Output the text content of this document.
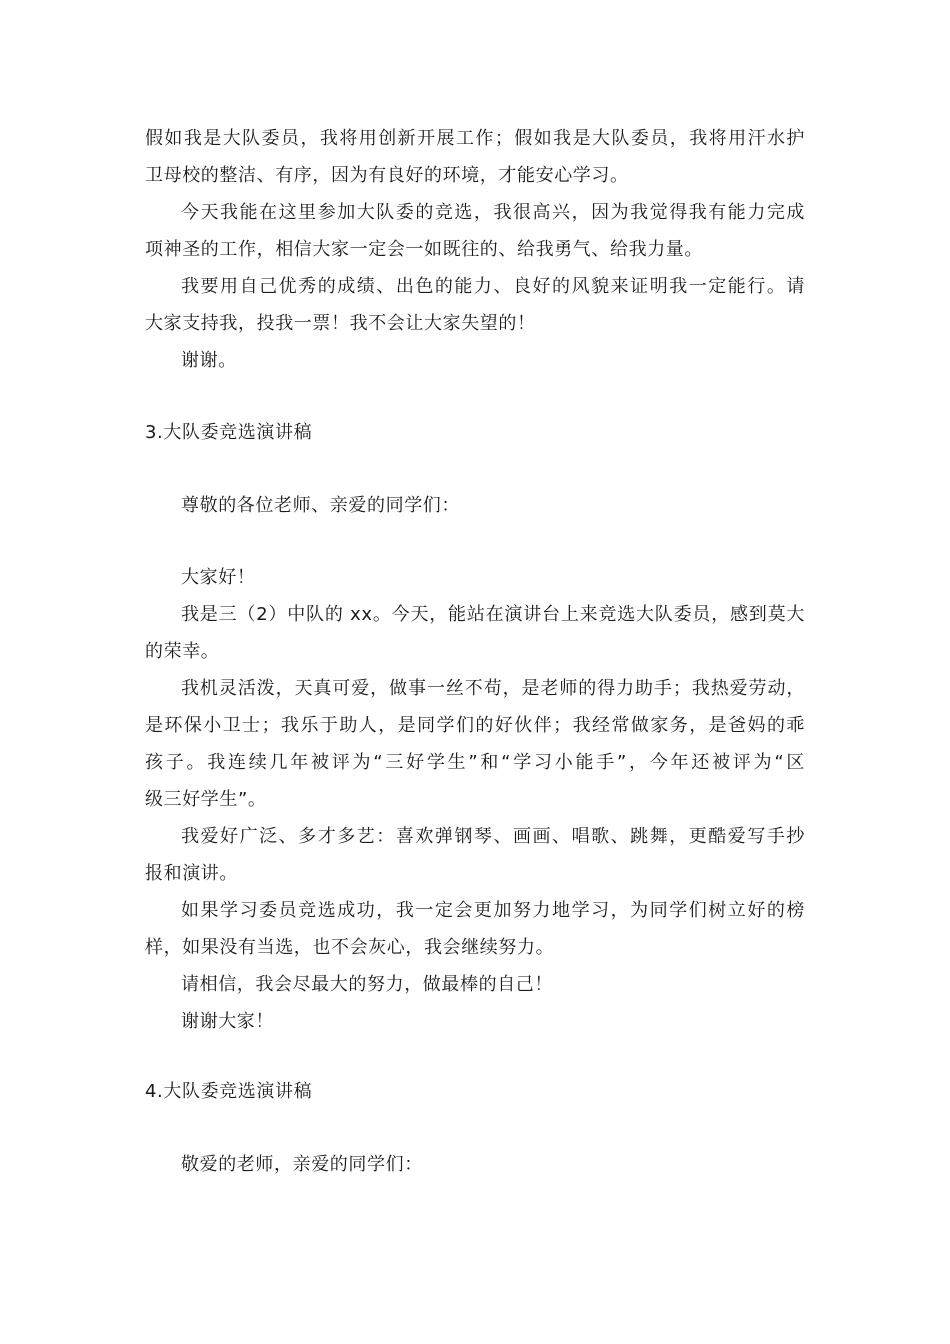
假如我是大队委员，我将用创新开展工作；假如我是大队委员，我将用汗水护
卫母校的整洁、有序，因为有良好的环境，才能安心学习。
今天我能在这里参加大队委的竞选，我很高兴，因为我觉得我有能力完成
项神圣的工作，相信大家一定会一如既往的、给我勇气、给我力量。
我要用自己优秀的成绩、出色的能力、良好的风貌来证明我一定能行。请
大家支持我，投我一票！我不会让大家失望的！
谢谢。
3.大队委竞选演讲稿
尊敬的各位老师、亲爱的同学们：
大家好！
我是三（2）中队的 xx。今天，能站在演讲台上来竞选大队委员，感到莫大
的荣幸。
我机灵活泼，天真可爱，做事一丝不苟，是老师的得力助手；我热爱劳动，
是环保小卫士；我乐于助人，是同学们的好伙伴；我经常做家务，是爸妈的乖
孩子。我连续几年被评为“三好学生”和“学习小能手”，今年还被评为“区
级三好学生”。
我爱好广泛、多才多艺：喜欢弹钢琴、画画、唱歌、跳舞，更酷爱写手抄
报和演讲。
如果学习委员竞选成功，我一定会更加努力地学习，为同学们树立好的榜
样，如果没有当选，也不会灰心，我会继续努力。
请相信，我会尽最大的努力，做最棒的自己！
谢谢大家！
4.大队委竞选演讲稿
敬爱的老师，亲爱的同学们：
